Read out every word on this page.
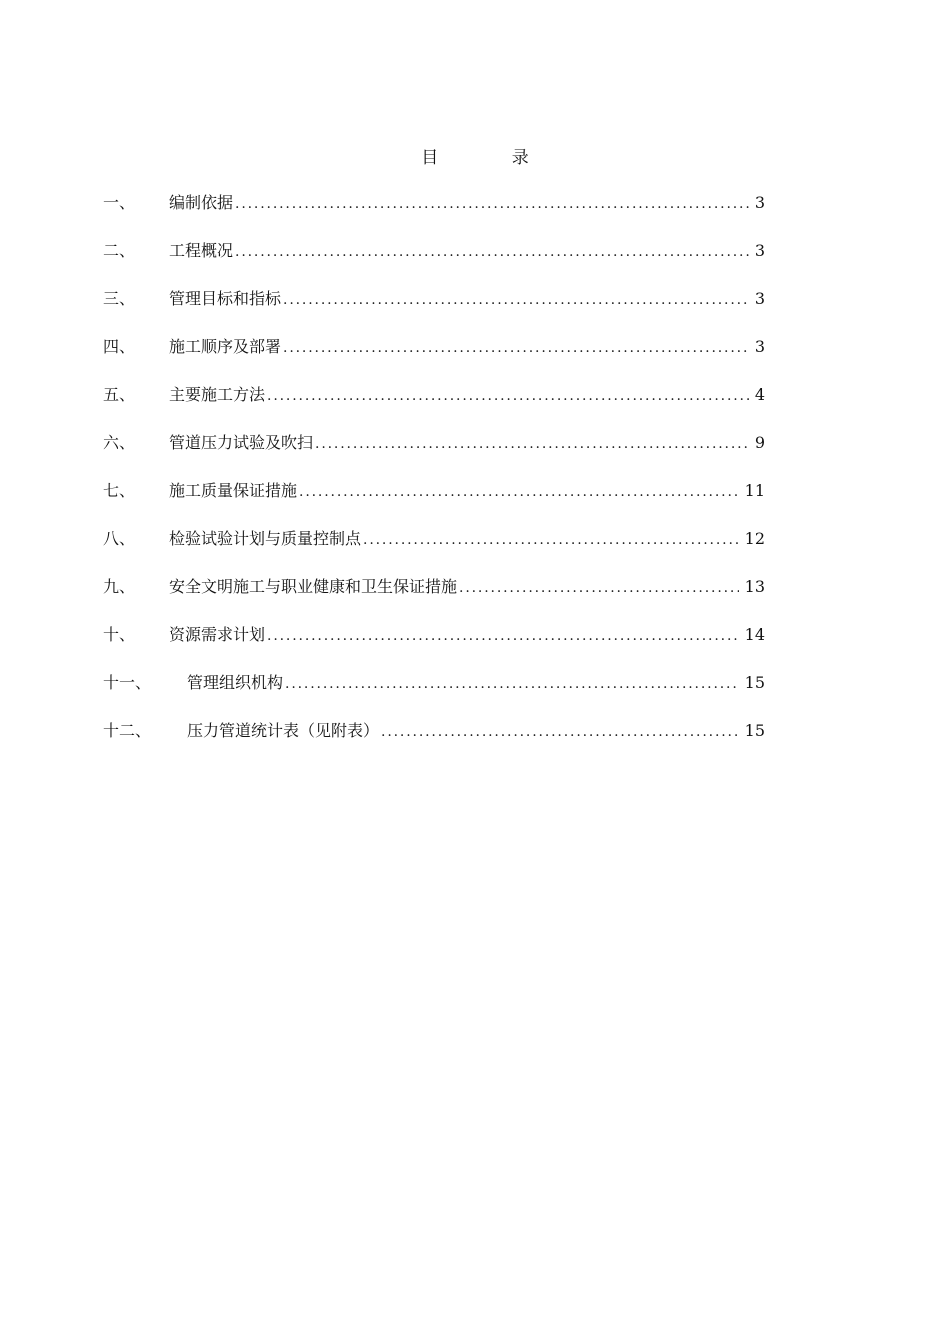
目 录
一、	编制依据 . . .	3
二、	工程概况 . . .	3
三、	管理目标和指标 . . .	3
四、	施工顺序及部署 . . .	3
五、	主要施工方法 . . .	4
六、	管道压力试验及吹扫 . . .	9
七、	施工质量保证措施 . . .	11
八、	检验试验计划与质量控制点 . . .	12
九、	安全文明施工与职业健康和卫生保证措施 . . .	13
十、	资源需求计划 . . .	14
十一、	管理组织机构 . . .	15
十二、	压力管道统计表（见附表） . . .	15
